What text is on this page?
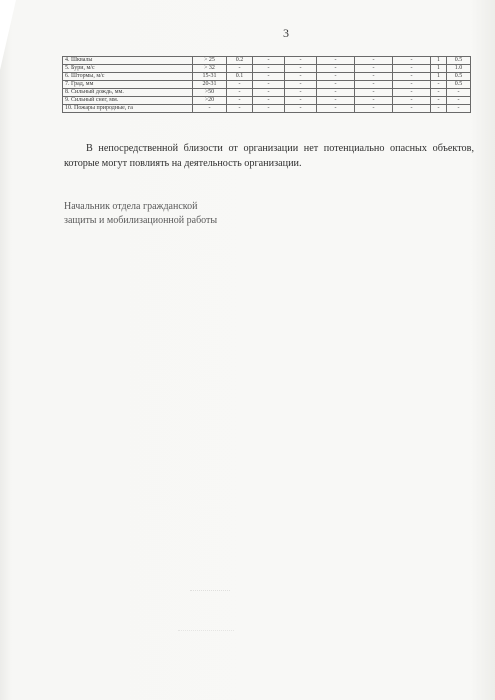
3
4. Шквалы	> 25	0.2	-	-	-	-	-	1	0.5
5. Бури, м/с	> 32	-	-	-	-	-	-	1	1.0
6. Штормы, м/с	15-31	0.1	-	-	-	-	-	1	0.5
7. Град, мм	20-31	-	-	-	-	-	-	-	0.5
8. Сильный дождь, мм.	>50	-	-	-	-	-	-	-	-
9. Сильный снег, мм.	>20	-	-	-	-	-	-	-	-
10. Пожары природные, га	-	-	-	-	-	-	-	-	-
В непосредственной близости от организации нет потенциально опасных объектов, которые могут повлиять на деятельность организации.
Начальник отдела гражданской
защиты и мобилизационной работы
